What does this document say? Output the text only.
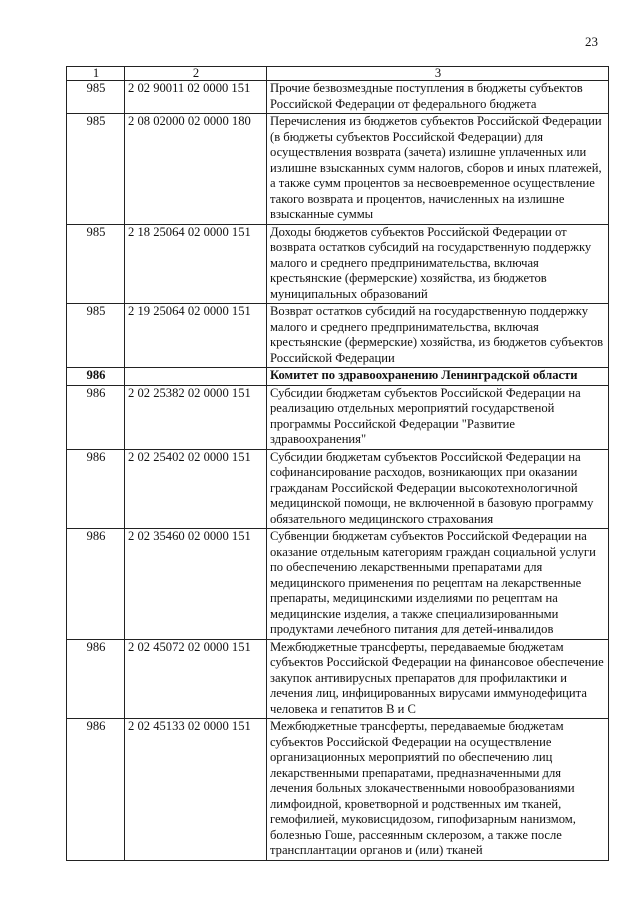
23
1	2	3
985	2 02 90011 02 0000 151	Прочие безвозмездные поступления в бюджеты субъектов Российской Федерации от федерального бюджета
985	2 08 02000 02 0000 180	Перечисления из бюджетов субъектов Российской Федерации (в бюджеты субъектов Российской Федерации) для осуществления возврата (зачета) излишне уплаченных или излишне взысканных сумм налогов, сборов и иных платежей, а также сумм процентов за несвоевременное осуществление такого возврата и процентов, начисленных на излишне взысканные суммы
985	2 18 25064 02 0000 151	Доходы бюджетов субъектов Российской Федерации от возврата остатков субсидий на государственную поддержку малого и среднего предпринимательства, включая крестьянские (фермерские) хозяйства, из бюджетов муниципальных образований
985	2 19 25064 02 0000 151	Возврат остатков субсидий на государственную поддержку малого и среднего предпринимательства, включая крестьянские (фермерские) хозяйства, из бюджетов субъектов Российской Федерации
986		Комитет по здравоохранению Ленинградской области
986	2 02 25382 02 0000 151	Субсидии бюджетам субъектов Российской Федерации на реализацию отдельных мероприятий государственой программы Российской Федерации "Развитие здравоохранения"
986	2 02 25402 02 0000 151	Субсидии бюджетам субъектов Российской Федерации на софинансирование расходов, возникающих при оказании гражданам Российской Федерации высокотехнологичной медицинской помощи, не включенной в базовую программу обязательного медицинского страхования
986	2 02 35460 02 0000 151	Субвенции бюджетам субъектов Российской Федерации на оказание отдельным категориям граждан социальной услуги по обеспечению лекарственными препаратами для медицинского применения по рецептам на лекарственные препараты, медицинскими изделиями по рецептам на медицинские изделия, а также специализированными продуктами лечебного питания для детей-инвалидов
986	2 02 45072 02 0000 151	Межбюджетные трансферты, передаваемые бюджетам субъектов Российской Федерации на финансовое обеспечение закупок антивирусных препаратов для профилактики и лечения лиц, инфицированных вирусами иммунодефицита человека и гепатитов В и С
986	2 02 45133 02 0000 151	Межбюджетные трансферты, передаваемые бюджетам субъектов Российской Федерации на осуществление организационных мероприятий по обеспечению лиц лекарственными препаратами, предназначенными для лечения больных злокачественными новообразованиями лимфоидной, кроветворной и родственных им тканей, гемофилией, муковисцидозом, гипофизарным нанизмом, болезнью Гоше, рассеянным склерозом, а также после трансплантации органов и (или) тканей
